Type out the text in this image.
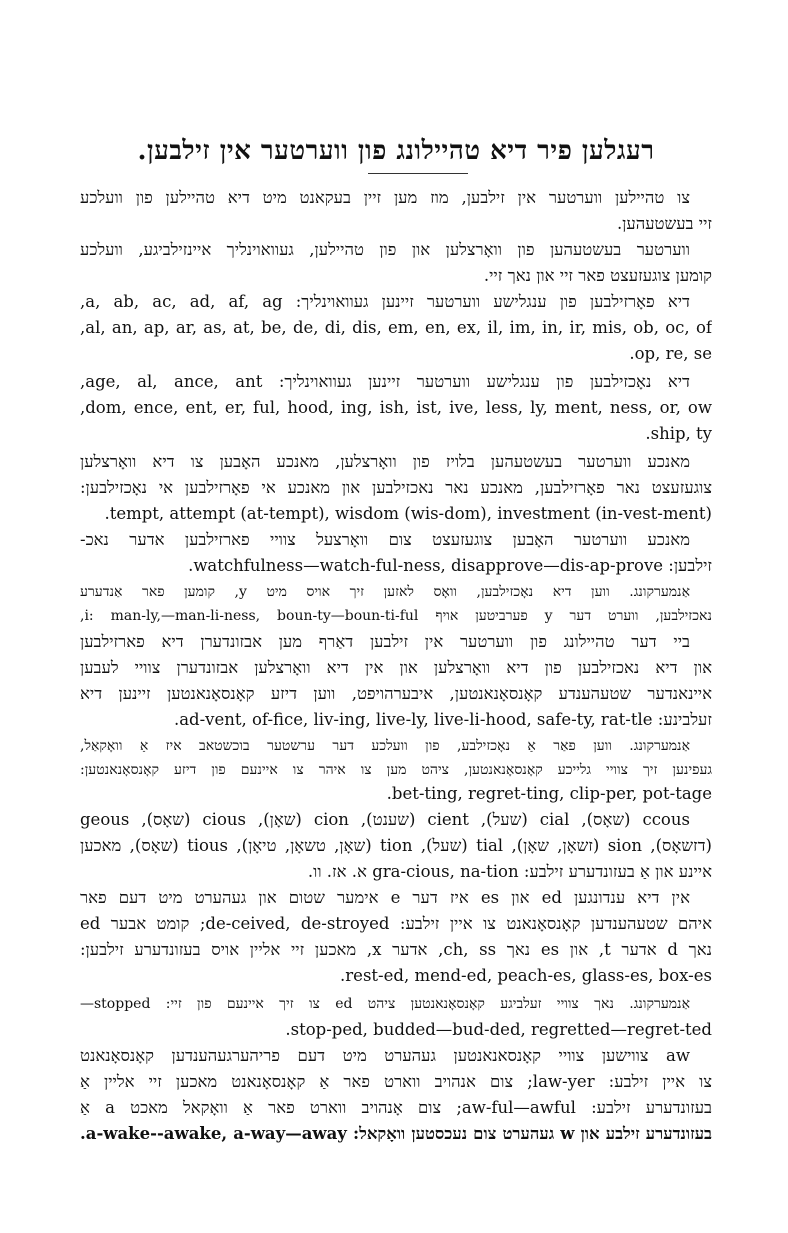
רעגלען פיר דיא טהיילונג פון ווערטער אין זילבען.
צו טהיילען ווערטער אין זילבען, מוז מען זיין בעקאנט מיט דיא טהיילען פון וועלכע
זיי בעשטעהען.
ווערטער בעשטעהען פון וואָרצלען און פון טהיילען, געוואוינליך איינזילביגע, וועלכע
קומען צוגעזעצט פאר זיי און נאך זיי.
דיא פאָרזילבען פון ענגלישע ווערטער זיינען געוואוינליך: a, ab, ac, ad, af, ag,
al, an, ap, ar, as, at, be, de, di, dis, em, en, ex, il, im, in, ir, mis, ob, oc, of,
op, re, se.
דיא נאָכזילבען פון ענגלישע ווערטער זיינען געוואוינליך: age, al, ance, ant,
dom, ence, ent, er, ful, hood, ing, ish, ist, ive, less, ly, ment, ness, or, ow,
ship, ty.
מאנכע ווערטער בעשטעהען בלויז פון וואָרצלען, מאנכע האָבען צו דיא וואָרצלען
צוגעזעצט נאר פאָרזילבען, מאנכע נאר נאכזילבען און מאנכע אי פאָרזילבען אי נאָכזילבען:
tempt, attempt (at-tempt), wisdom (wis-dom), investment (in-vest-ment).
מאנכע ווערטער האָבען צוגעזעצט צום וואָרצעל צוויי פארזילבען אדער נאכ-
זילבען: watchfulness—watch-ful-ness, disapprove—dis-ap-prove.
אַנמערקונג. ווען דיא נאָכזילבען, וואָס לאזען זיך אויס מיט y, קומען פאר אַנדערע
נאכזילבען, ווערט דער y פערביטען אויף i: man-ly,—man-li-ness, boun-ty—boun-ti-ful,
ביי דער טהיילונג פון ווערטער אין זילבען דאַרף מען אבזונדערן דיא פארזילבען
און דיא נאכזילבען פון דיא וואָרצלען און אין דיא וואָרצלען אבזונדערן צוויי לעבען
איינאנדער שטעהענדע קאָנסאָנאנטען, איבערהויפט, ווען דיזע קאָנסאָנאנטען זיינען דיא
זעלבינע: ad-vent, of-fice, liv-ing, live-ly, live-li-hood, safe-ty, rat-tle.
אַנמערקונג. ווען פאַר אַ נאָכזילבע, פון וועלכע דער ערשטער בוכשטאב איז אַ וואָקאַל,
געפינען זיך צוויי גלייכע קאָנסאָנאנטען, ציהט מען צו איהר צו איינעם פון דיזע קאָנסאָנאנטען:
bet-ting, regret-ting, clip-per, pot-tage.
ccous (שאָס), cial (שעל), cient (שענט), cion (שאָן), cious (שאָס), geous
(דזשאָס), sion (זשאָן, שאָן), tial (שעל), tion (שאָן, טשאָן, טיאָן), tious (שאָס), מאכען
איינע און אַ בעזונדערע זילבע: gra-cious, na-tion א. אז. וו.
אין דיא ענדונגען ed און es איז דער e אימער שטום און געהערט מיט דעם פאר
איהם שטעהענדען קאָנסאָנאנט צו איין זילבע: de-ceived, de-stroyed; קומט אבער ed
נאך d אדער t, און es נאך ch, ss, אדער x, מאכען זיי אליין אויס בעזונדערע זילבען:
rest-ed, mend-ed, peach-es, glass-es, box-es.
אַנמערקונג. נאך צוויי זעלביגע קאָנסאָנאנטען ציהט ed צו זיך איינעם פון זיי: stopped—
stop-ped, budded—bud-ded, regretted—regret-ted.
aw צווישען צוויי קאָנסאנאנטען געהערט מיט דעם פריהערגעהענדען קאָנסאָנאנט
צו איין זילבע: law-yer; צום אנהויב ווארט פאר אַ קאָנסאָנאנט מאכען זיי אליין אַ
בעזונדערע זילבע: aw-ful—awful; צום אָנהויב ווארט פאר אַ וואָקאל מאכט a אַ
בעזונדערע זילבע און w געהערט צום נעכסטען וואָקאל: a-wake--awake, a-way—away.
